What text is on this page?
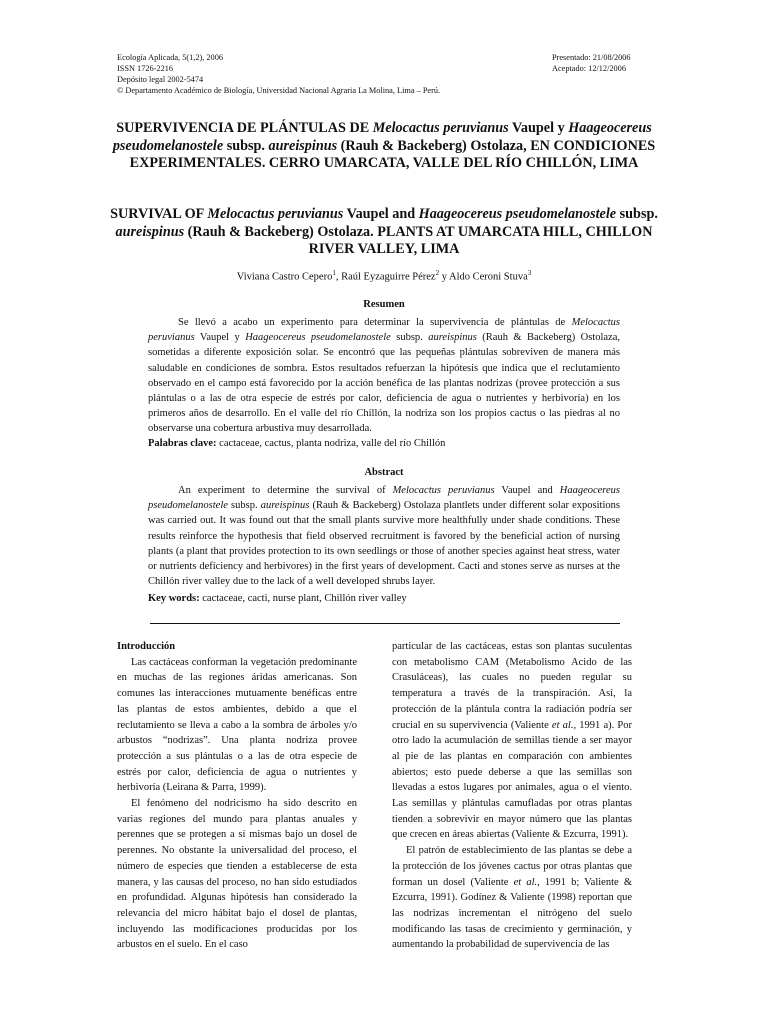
Ecología Aplicada, 5(1,2), 2006
ISSN 1726-2216
Depósito legal 2002-5474
© Departamento Académico de Biología, Universidad Nacional Agraria La Molina, Lima – Perú.
Presentado: 21/08/2006
Aceptado: 12/12/2006
SUPERVIVENCIA DE PLÁNTULAS DE Melocactus peruvianus Vaupel y Haageocereus pseudomelanostele subsp. aureispinus (Rauh & Backeberg) Ostolaza, EN CONDICIONES EXPERIMENTALES. CERRO UMARCATA, VALLE DEL RÍO CHILLÓN, LIMA
SURVIVAL OF Melocactus peruvianus Vaupel and Haageocereus pseudomelanostele subsp. aureispinus (Rauh & Backeberg) Ostolaza. PLANTS AT UMARCATA HILL, CHILLON RIVER VALLEY, LIMA
Viviana Castro Cepero$^1$, Raúl Eyzaguirre Pérez$^2$ y Aldo Ceroni Stuva$^3$
Resumen

Se llevó a acabo un experimento para determinar la supervivencia de plántulas de Melocactus peruvianus Vaupel y Haageocereus pseudomelanostele subsp. aureispinus (Rauh & Backeberg) Ostolaza, sometidas a diferente exposición solar. Se encontró que las pequeñas plántulas sobreviven de manera más saludable en condiciones de sombra. Estos resultados refuerzan la hipótesis que indica que el reclutamiento observado en el campo está favorecido por la acción benéfica de las plantas nodrizas (provee protección a sus plántulas o a las de otra especie de estrés por calor, deficiencia de agua o nutrientes y herbivoría) en los primeros años de desarrollo. En el valle del río Chillón, la nodriza son los propios cactus o las piedras al no observarse una cobertura arbustiva muy desarrollada.

Palabras clave: cactaceae, cactus, planta nodriza, valle del río Chillón
Abstract

An experiment to determine the survival of Melocactus peruvianus Vaupel and Haageocereus pseudomelanostele subsp. aureispinus (Rauh & Backeberg) Ostolaza plantlets under different solar expositions was carried out. It was found out that the small plants survive more healthfully under shade conditions. These results reinforce the hypothesis that field observed recruitment is favored by the beneficial action of nursing plants (a plant that provides protection to its own seedlings or those of another species against heat stress, water or nutrients deficiency and herbivores) in the first years of development. Cacti and stones serve as nurses at the Chillón river valley due to the lack of a well developed shrubs layer.

Key words: cactaceae, cacti, nurse plant, Chillón river valley
Introducción

Las cactáceas conforman la vegetación predominante en muchas de las regiones áridas americanas. Son comunes las interacciones mutuamente benéficas entre las plantas de estos ambientes, debido a que el reclutamiento se lleva a cabo a la sombra de árboles y/o arbustos “nodrizas”. Una planta nodriza provee protección a sus plántulas o a las de otra especie de estrés por calor, deficiencia de agua o nutrientes y herbivoría (Leirana & Parra, 1999).

El fenómeno del nodricismo ha sido descrito en varias regiones del mundo para plantas anuales y perennes que se protegen a sí mismas bajo un dosel de perennes. No obstante la universalidad del proceso, el número de especies que tienden a establecerse de esta manera, y las causas del proceso, no han sido estudiados en profundidad. Algunas hipótesis han considerado la relevancia del micro hábitat bajo el dosel de plantas, incluyendo las modificaciones producidas por los arbustos en el suelo. En el caso

particular de las cactáceas, estas son plantas suculentas con metabolismo CAM (Metabolismo Acido de las Crasuláceas), las cuales no pueden regular su temperatura a través de la transpiración. Así, la protección de la plántula contra la radiación podría ser crucial en su supervivencia (Valiente et al., 1991 a). Por otro lado la acumulación de semillas tiende a ser mayor al pie de las plantas en comparación con ambientes abiertos; esto puede deberse a que las semillas son llevadas a estos lugares por animales, agua o el viento. Las semillas y plántulas camufladas por otras plantas tienden a sobrevivir en mayor número que las plantas que crecen en áreas abiertas (Valiente & Ezcurra, 1991).

El patrón de establecimiento de las plantas se debe a la protección de los jóvenes cactus por otras plantas que forman un dosel (Valiente et al., 1991 b; Valiente & Ezcurra, 1991). Godínez & Valiente (1998) reportan que las nodrizas incrementan el nitrógeno del suelo modificando las tasas de crecimiento y germinación, y aumentando la probabilidad de supervivencia de las
